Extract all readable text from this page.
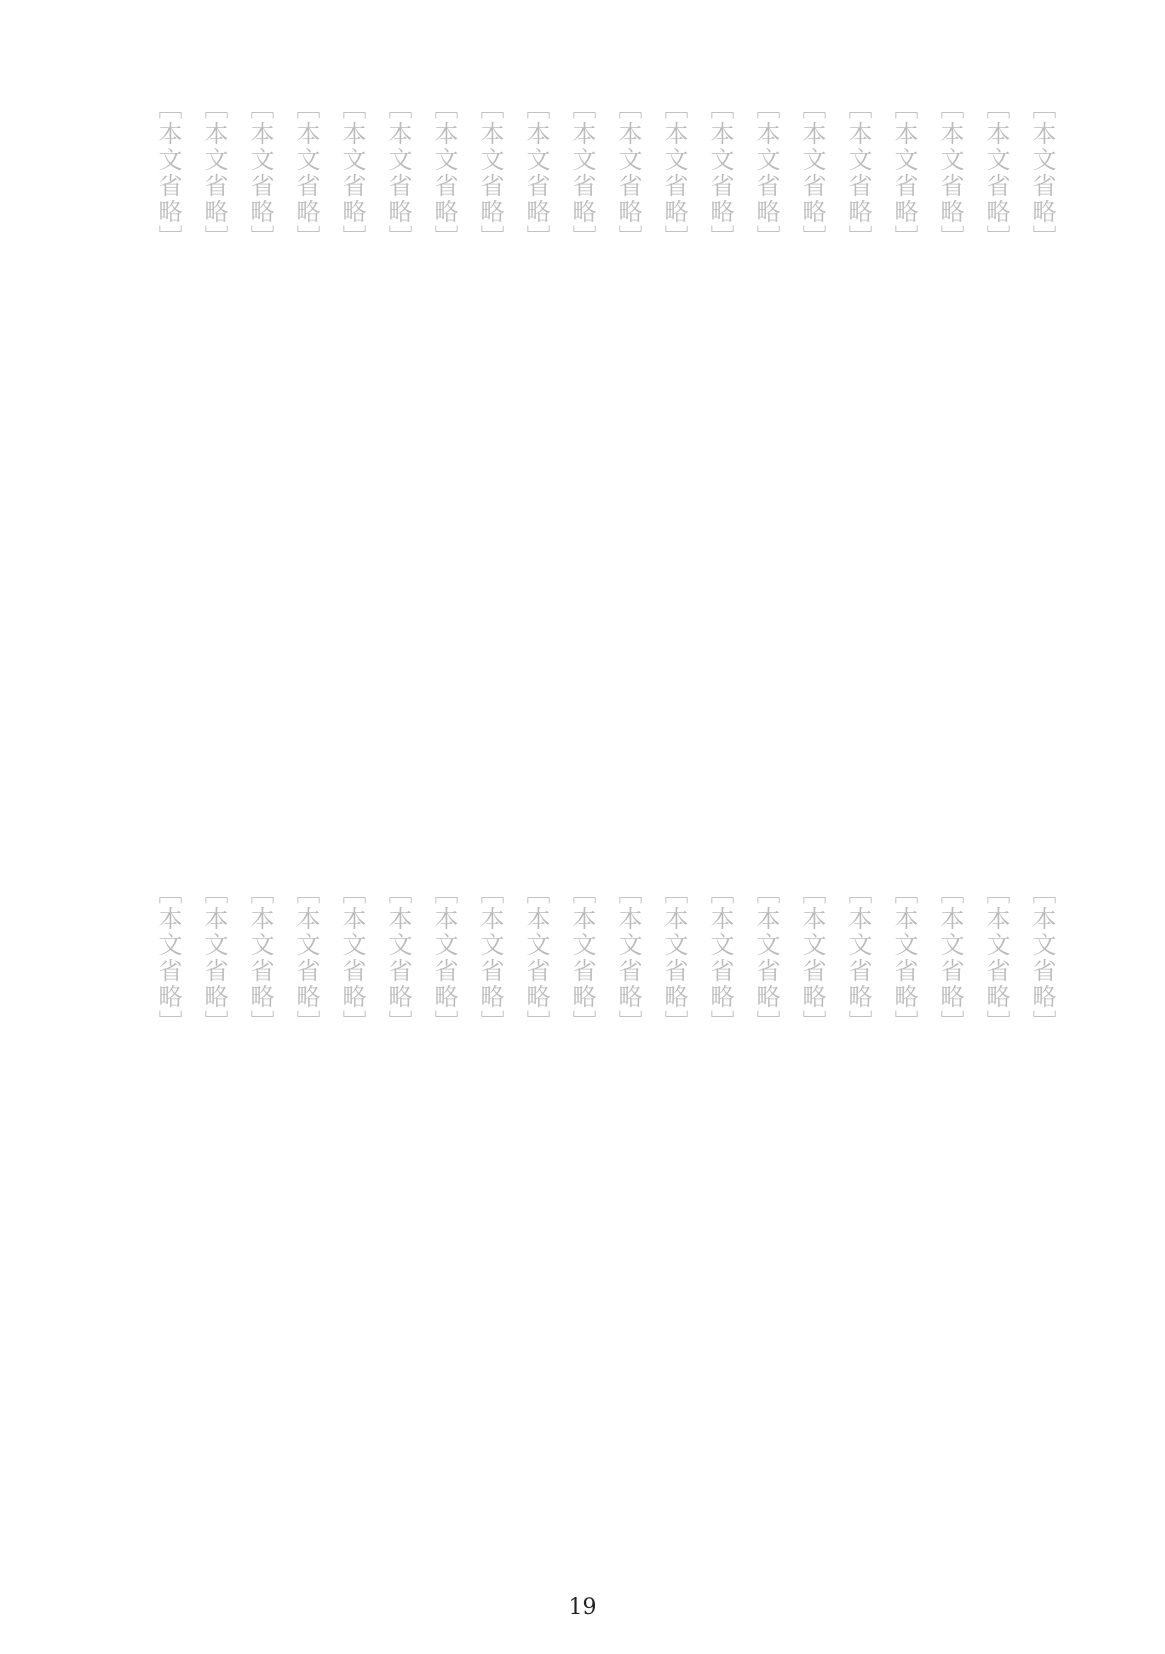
［本文省略］
［本文省略］
［本文省略］
［本文省略］
［本文省略］
［本文省略］
［本文省略］
［本文省略］
［本文省略］
［本文省略］
［本文省略］
［本文省略］
［本文省略］
［本文省略］
［本文省略］
［本文省略］
［本文省略］
［本文省略］
［本文省略］
［本文省略］
［本文省略］
［本文省略］
［本文省略］
［本文省略］
［本文省略］
［本文省略］
［本文省略］
［本文省略］
［本文省略］
［本文省略］
［本文省略］
［本文省略］
［本文省略］
［本文省略］
［本文省略］
［本文省略］
［本文省略］
［本文省略］
［本文省略］
［本文省略］
19
